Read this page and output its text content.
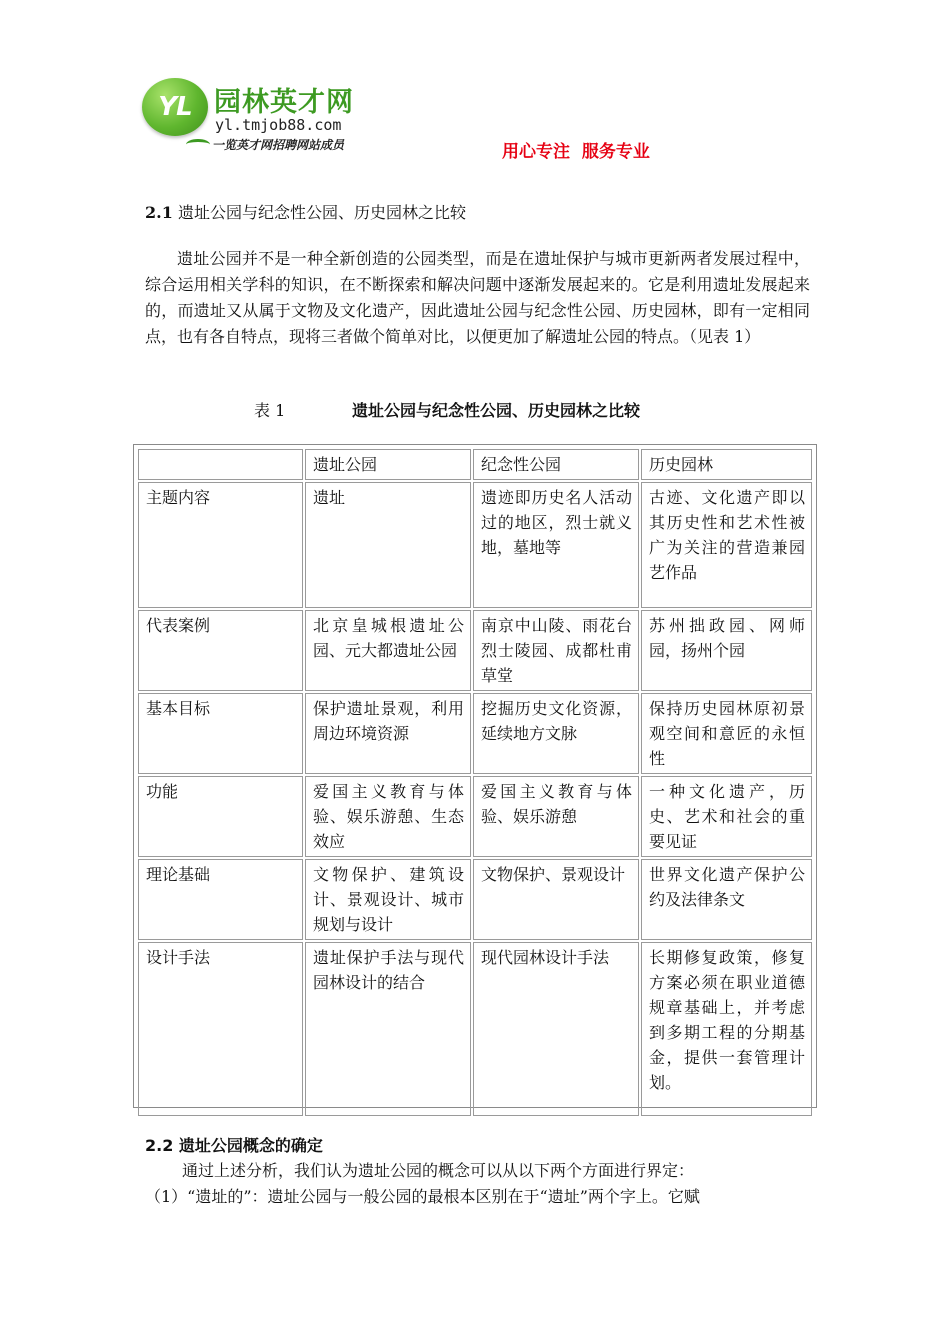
YL 园林英才网
yl.tmjob88.com
一览英才网招聘网站成员	用心专注  服务专业
2.1 遗址公园与纪念性公园、历史园林之比较
遗址公园并不是一种全新创造的公园类型，而是在遗址保护与城市更新两者发展过程中，综合运用相关学科的知识，在不断探索和解决问题中逐渐发展起来的。它是利用遗址发展起来的，而遗址又从属于文物及文化遗产，因此遗址公园与纪念性公园、历史园林，即有一定相同点，也有各自特点，现将三者做个简单对比，以便更加了解遗址公园的特点。（见表 1）
表 1	遗址公园与纪念性公园、历史园林之比较
	遗址公园	纪念性公园	历史园林
主题内容	遗址	遗迹即历史名人活动过的地区，烈士就义地，墓地等	古迹、文化遗产即以其历史性和艺术性被广为关注的营造兼园艺作品
代表案例	北京皇城根遗址公园、元大都遗址公园	南京中山陵、雨花台烈士陵园、成都杜甫草堂	苏州拙政园、网师园，扬州个园
基本目标	保护遗址景观，利用周边环境资源	挖掘历史文化资源，延续地方文脉	保持历史园林原初景观空间和意匠的永恒性
功能	爱国主义教育与体验、娱乐游憩、生态效应	爱国主义教育与体验、娱乐游憩	一种文化遗产，历史、艺术和社会的重要见证
理论基础	文物保护、建筑设计、景观设计、城市规划与设计	文物保护、景观设计	世界文化遗产保护公约及法律条文
设计手法	遗址保护手法与现代园林设计的结合	现代园林设计手法	长期修复政策，修复方案必须在职业道德规章基础上，并考虑到多期工程的分期基金，提供一套管理计划。
2.2 遗址公园概念的确定
通过上述分析，我们认为遗址公园的概念可以从以下两个方面进行界定：
（1）“遗址的”：遗址公园与一般公园的最根本区别在于“遗址”两个字上。它赋
